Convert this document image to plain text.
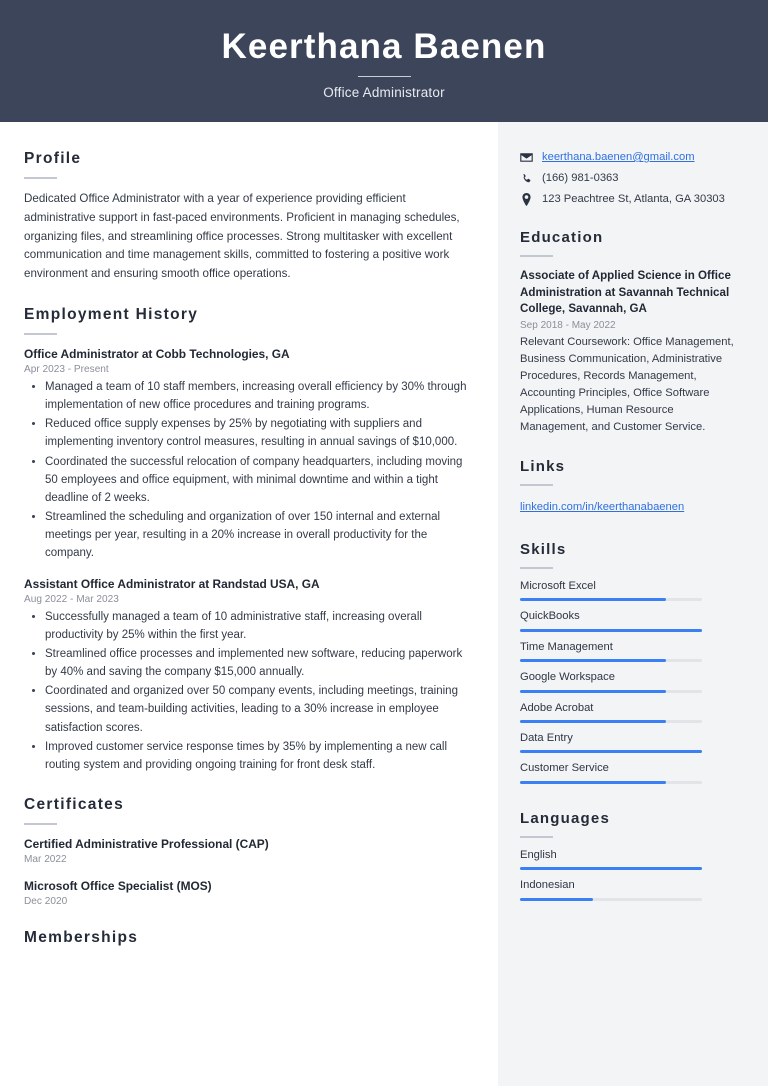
Keerthana Baenen
Office Administrator
Profile

Dedicated Office Administrator with a year of experience providing efficient administrative support in fast-paced environments. Proficient in managing schedules, organizing files, and streamlining office processes. Strong multitasker with excellent communication and time management skills, committed to fostering a positive work environment and ensuring smooth office operations.

Employment History
Office Administrator at Cobb Technologies, GA
Apr 2023 - Present
Managed a team of 10 staff members, increasing overall efficiency by 30% through implementation of new office procedures and training programs.
Reduced office supply expenses by 25% by negotiating with suppliers and implementing inventory control measures, resulting in annual savings of $10,000.
Coordinated the successful relocation of company headquarters, including moving 50 employees and office equipment, with minimal downtime and within a tight deadline of 2 weeks.
Streamlined the scheduling and organization of over 150 internal and external meetings per year, resulting in a 20% increase in overall productivity for the company.
Assistant Office Administrator at Randstad USA, GA
Aug 2022 - Mar 2023
Successfully managed a team of 10 administrative staff, increasing overall productivity by 25% within the first year.
Streamlined office processes and implemented new software, reducing paperwork by 40% and saving the company $15,000 annually.
Coordinated and organized over 50 company events, including meetings, training sessions, and team-building activities, leading to a 30% increase in employee satisfaction scores.
Improved customer service response times by 35% by implementing a new call routing system and providing ongoing training for front desk staff.
Certificates
Certified Administrative Professional (CAP)
Mar 2022
Microsoft Office Specialist (MOS)
Dec 2020
Memberships
keerthana.baenen@gmail.com
(166) 981-0363
123 Peachtree St, Atlanta, GA 30303
Education
Associate of Applied Science in Office Administration at Savannah Technical College, Savannah, GA
Sep 2018 - May 2022

Relevant Coursework: Office Management, Business Communication, Administrative Procedures, Records Management, Accounting Principles, Office Software Applications, Human Resource Management, and Customer Service.

Links
linkedin.com/in/keerthanabaenen
Skills
Microsoft Excel
QuickBooks
Time Management
Google Workspace
Adobe Acrobat
Data Entry
Customer Service
Languages
English
Indonesian
